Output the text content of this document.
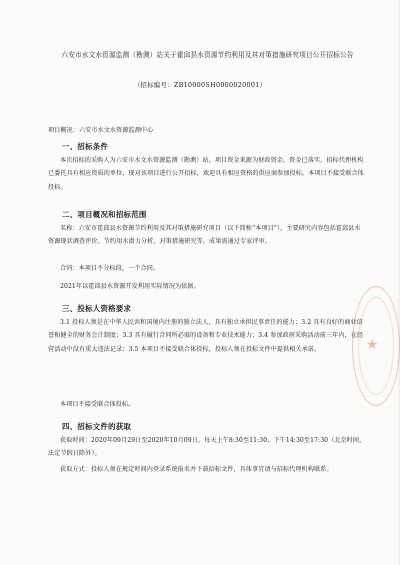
六安市水文水资源监测（勘测）站关于霍邱县水资源节约利用及其对策措施研究项目公开招标公告
（招标编号：ZB10000SH0000020001）
项目概况：六安市水文水资源监测中心
一、招标条件
本次招标的采购人为六安市水文水资源监测（勘测）站，项目资金来源为财政资金，资金已落实，招标代理机构已委托具有相应资质的单位，现对该项目进行公开招标，欢迎具有相应资格的供应商参加投标。本项目不接受联合体投标。
二、项目概况和招标范围
名称：六安市霍邱县水资源节约利用及其对策措施研究项目（以下简称“本项目”），主要研究内容包括霍邱县水资源现状调查评价、节约用水潜力分析、对策措施研究等，成果需通过专家评审。
合同：本项目不分标段，一个合同。
2021年以霍邱县水资源开发利用实际情况为依据。
三、投标人资格要求
3.1 投标人须是在中华人民共和国境内注册的独立法人，具有独立承担民事责任的能力；3.2 具有良好的商业信誉和健全的财务会计制度；3.3 具有履行合同所必需的设备和专业技术能力；3.4 参加政府采购活动前三年内，在经营活动中没有重大违法记录；3.5 本项目不接受联合体投标，投标人须在投标文件中提供相关承诺。
本项目不接受联合体投标。
四、招标文件的获取
获取时间：2020年09月29日至2020年10月09日，每天上午8:30至11:30，下午14:30至17:30（北京时间，法定节假日除外）。
获取方式：投标人须在规定时间内登录系统报名并下载招标文件，具体事宜请与招标代理机构联系。
★
